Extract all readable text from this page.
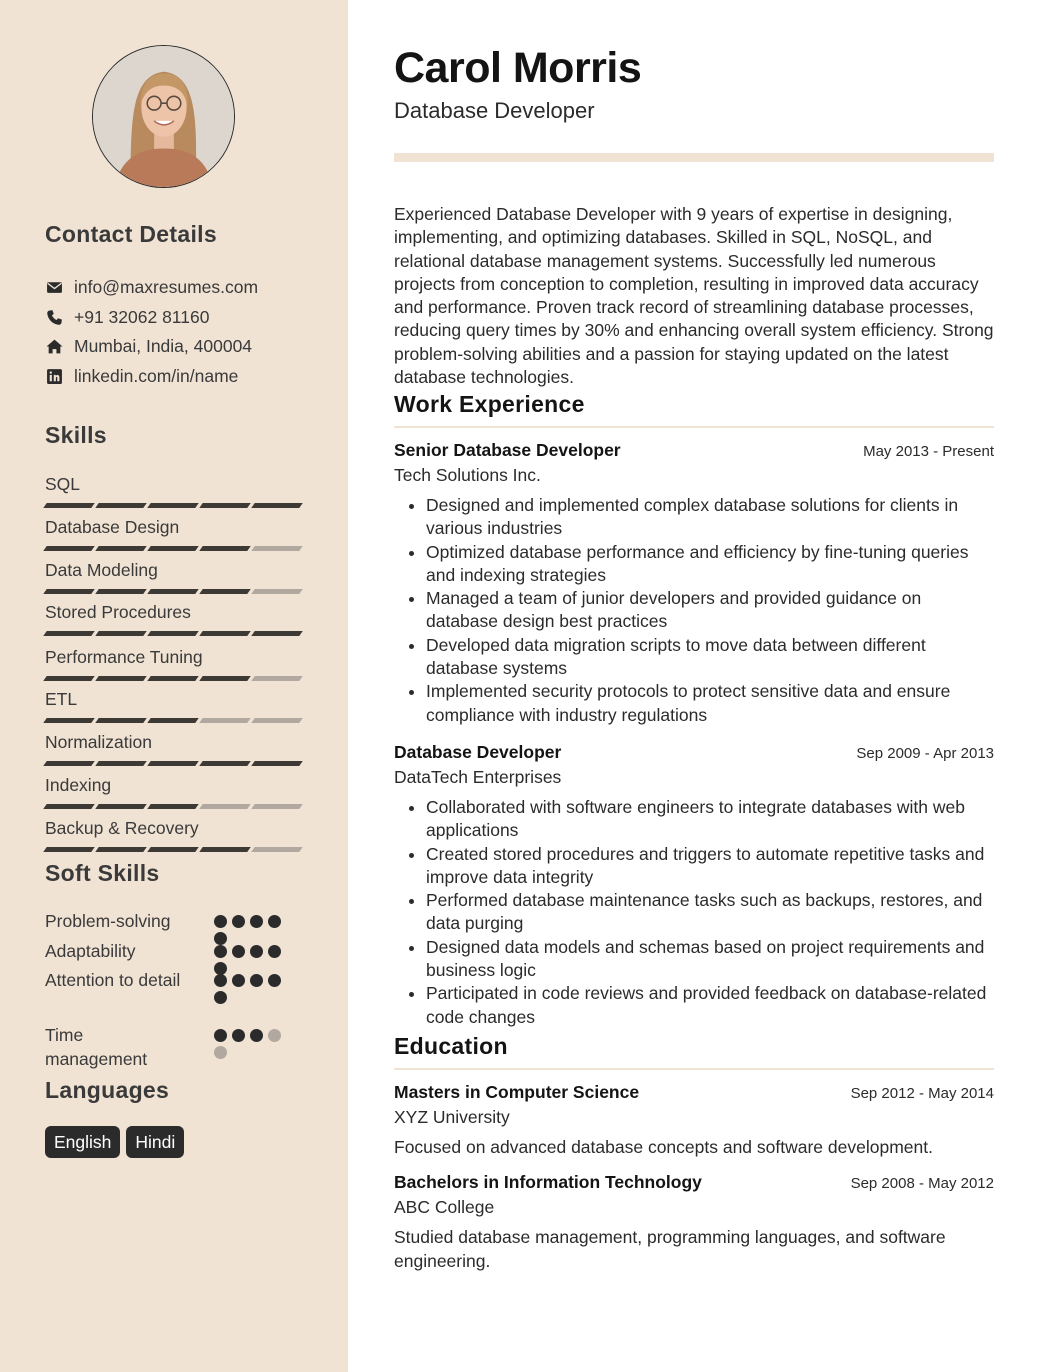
Contact Details
info@maxresumes.com
+91 32062 81160
Mumbai, India, 400004
linkedin.com/in/name
Skills
SQL
Database Design
Data Modeling
Stored Procedures
Performance Tuning
ETL
Normalization
Indexing
Backup & Recovery
Soft Skills
Problem-solving
Adaptability
Attention to detail
Time management
Languages
English	Hindi
Carol Morris
Database Developer

Experienced Database Developer with 9 years of expertise in designing, implementing, and optimizing databases. Skilled in SQL, NoSQL, and relational database management systems. Successfully led numerous projects from conception to completion, resulting in improved data accuracy and performance. Proven track record of streamlining database processes, reducing query times by 30% and enhancing overall system efficiency. Strong problem-solving abilities and a passion for staying updated on the latest database technologies.

Work Experience
Senior Database Developer	May 2013 - Present
Tech Solutions Inc.
• Designed and implemented complex database solutions for clients in various industries
• Optimized database performance and efficiency by fine-tuning queries and indexing strategies
• Managed a team of junior developers and provided guidance on database design best practices
• Developed data migration scripts to move data between different database systems
• Implemented security protocols to protect sensitive data and ensure compliance with industry regulations
Database Developer	Sep 2009 - Apr 2013
DataTech Enterprises
• Collaborated with software engineers to integrate databases with web applications
• Created stored procedures and triggers to automate repetitive tasks and improve data integrity
• Performed database maintenance tasks such as backups, restores, and data purging
• Designed data models and schemas based on project requirements and business logic
• Participated in code reviews and provided feedback on database-related code changes
Education
Masters in Computer Science	Sep 2012 - May 2014
XYZ University

Focused on advanced database concepts and software development.

Bachelors in Information Technology	Sep 2008 - May 2012
ABC College

Studied database management, programming languages, and software engineering.
